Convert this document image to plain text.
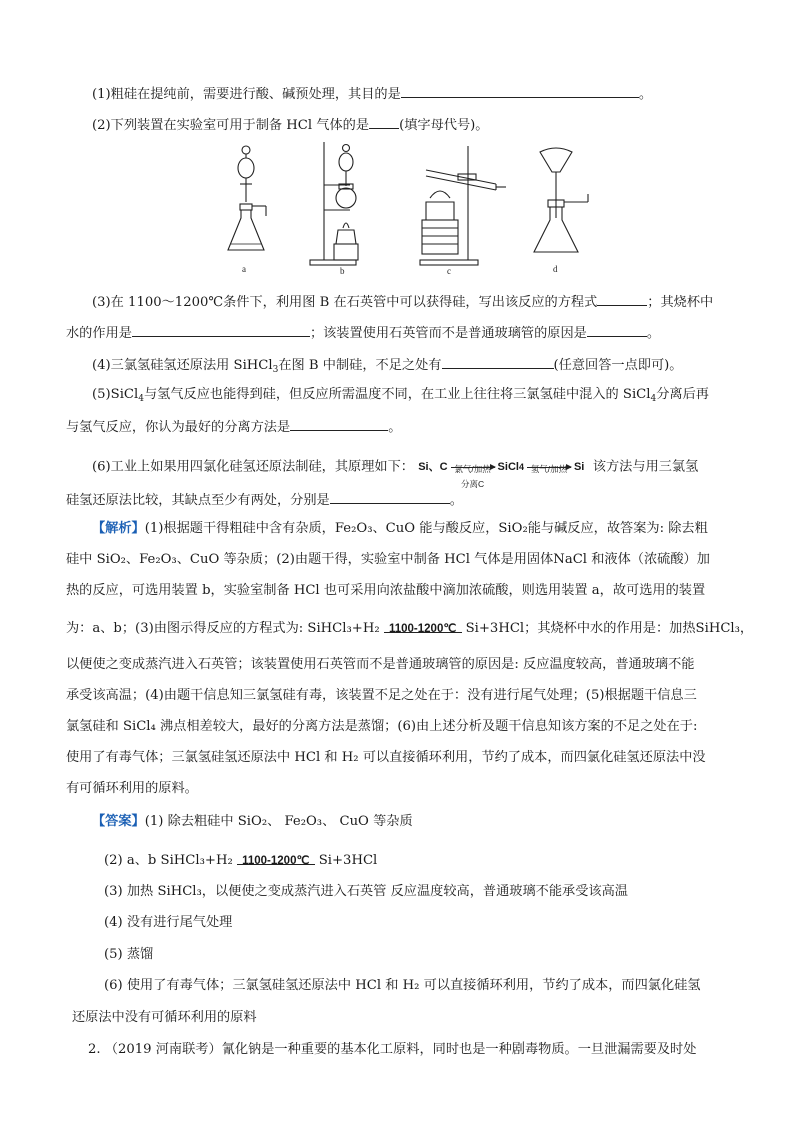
(1)粗硅在提纯前，需要进行酸、碱预处理，其目的是	。
(2)下列装置在实验室可用于制备 HCl 气体的是 (填字母代号)。
a	b	c	d
(3)在 1100～1200℃条件下，利用图 B 在石英管中可以获得硅，写出该反应的方程式	；其烧杯中
水的作用是	；该装置使用石英管而不是普通玻璃管的原因是	。
(4)三氯氢硅氢还原法用 SiHCl$_3$在图 B 中制硅，不足之处有	(任意回答一点即可)。
(5)SiCl$_4$与氢气反应也能得到硅，但反应所需温度不同，在工业上往往将三氯氢硅中混入的 SiCl$_4$分离后再
与氢气反应，你认为最好的分离方法是	。
(6)工业上如果用四氯化硅氢还原法制硅，其原理如下： Si、C 氯气/加热
分离C
SiCl 4 氢气/加热 Si 该方法与用三氯氢
硅氢还原法比较，其缺点至少有两处，分别是	。
【解析】(1)根据题干得粗硅中含有杂质，Fe₂O₃、CuO 能与酸反应，SiO₂能与碱反应，故答案为: 除去粗
硅中 SiO₂、Fe₂O₃、CuO 等杂质；(2)由题干得，实验室中制备 HCl 气体是用固体NaCl 和液体（浓硫酸）加
热的反应，可选用装置 b，实验室制备 HCl 也可采用向浓盐酸中滴加浓硫酸，则选用装置 a，故可选用的装置
为：a、b；(3)由图示得反应的方程式为: SiHCl₃+H₂ 1100-1200℃ Si+3HCl；其烧杯中水的作用是：加热SiHCl₃，
以便使之变成蒸汽进入石英管；该装置使用石英管而不是普通玻璃管的原因是: 反应温度较高，普通玻璃不能
承受该高温；(4)由题干信息知三氯氢硅有毒，该装置不足之处在于：没有进行尾气处理；(5)根据题干信息三
氯氢硅和 SiCl₄ 沸点相差较大，最好的分离方法是蒸馏；(6)由上述分析及题干信息知该方案的不足之处在于:
使用了有毒气体；三氯氢硅氢还原法中 HCl 和 H₂ 可以直接循环利用，节约了成本，而四氯化硅氢还原法中没
有可循环利用的原料。
【答案】(1) 除去粗硅中 SiO₂、 Fe₂O₃、 CuO 等杂质
(2) a、b SiHCl₃+H₂ 1100-1200℃ Si+3HCl
(3) 加热 SiHCl₃，以便使之变成蒸汽进入石英管 反应温度较高，普通玻璃不能承受该高温
(4) 没有进行尾气处理
(5) 蒸馏
(6) 使用了有毒气体；三氯氢硅氢还原法中 HCl 和 H₂ 可以直接循环利用，节约了成本，而四氯化硅氢
还原法中没有可循环利用的原料
2. （2019 河南联考）氰化钠是一种重要的基本化工原料，同时也是一种剧毒物质。一旦泄漏需要及时处
